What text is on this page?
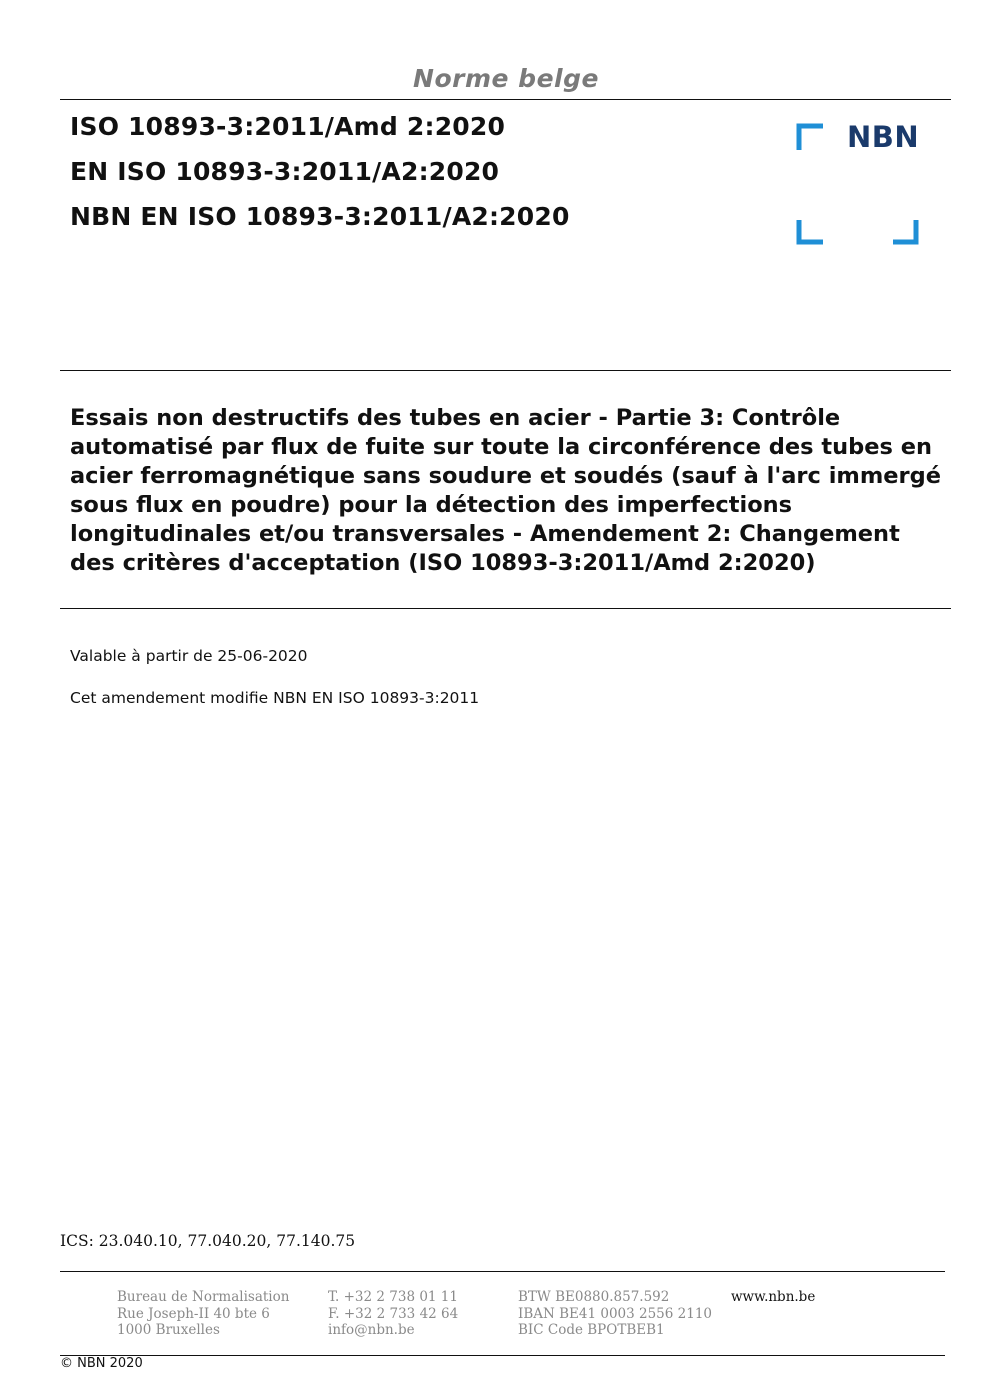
Norme belge
ISO 10893-3:2011/Amd 2:2020
EN ISO 10893-3:2011/A2:2020
NBN EN ISO 10893-3:2011/A2:2020
NBN
Essais non destructifs des tubes en acier - Partie 3: Contrôle automatisé par flux de fuite sur toute la circonférence des tubes en acier ferromagnétique sans soudure et soudés (sauf à l'arc immergé sous flux en poudre) pour la détection des imperfections longitudinales et/ou transversales - Amendement 2: Changement des critères d'acceptation (ISO 10893-3:2011/Amd 2:2020)
Valable à partir de 25-06-2020
Cet amendement modifie NBN EN ISO 10893-3:2011
ICS: 23.040.10, 77.040.20, 77.140.75
Bureau de Normalisation
Rue Joseph-II 40 bte 6
1000 Bruxelles
T. +32 2 738 01 11
F. +32 2 733 42 64
info@nbn.be
BTW BE0880.857.592
IBAN BE41 0003 2556 2110
BIC Code BPOTBEB1
www.nbn.be
© NBN 2020
